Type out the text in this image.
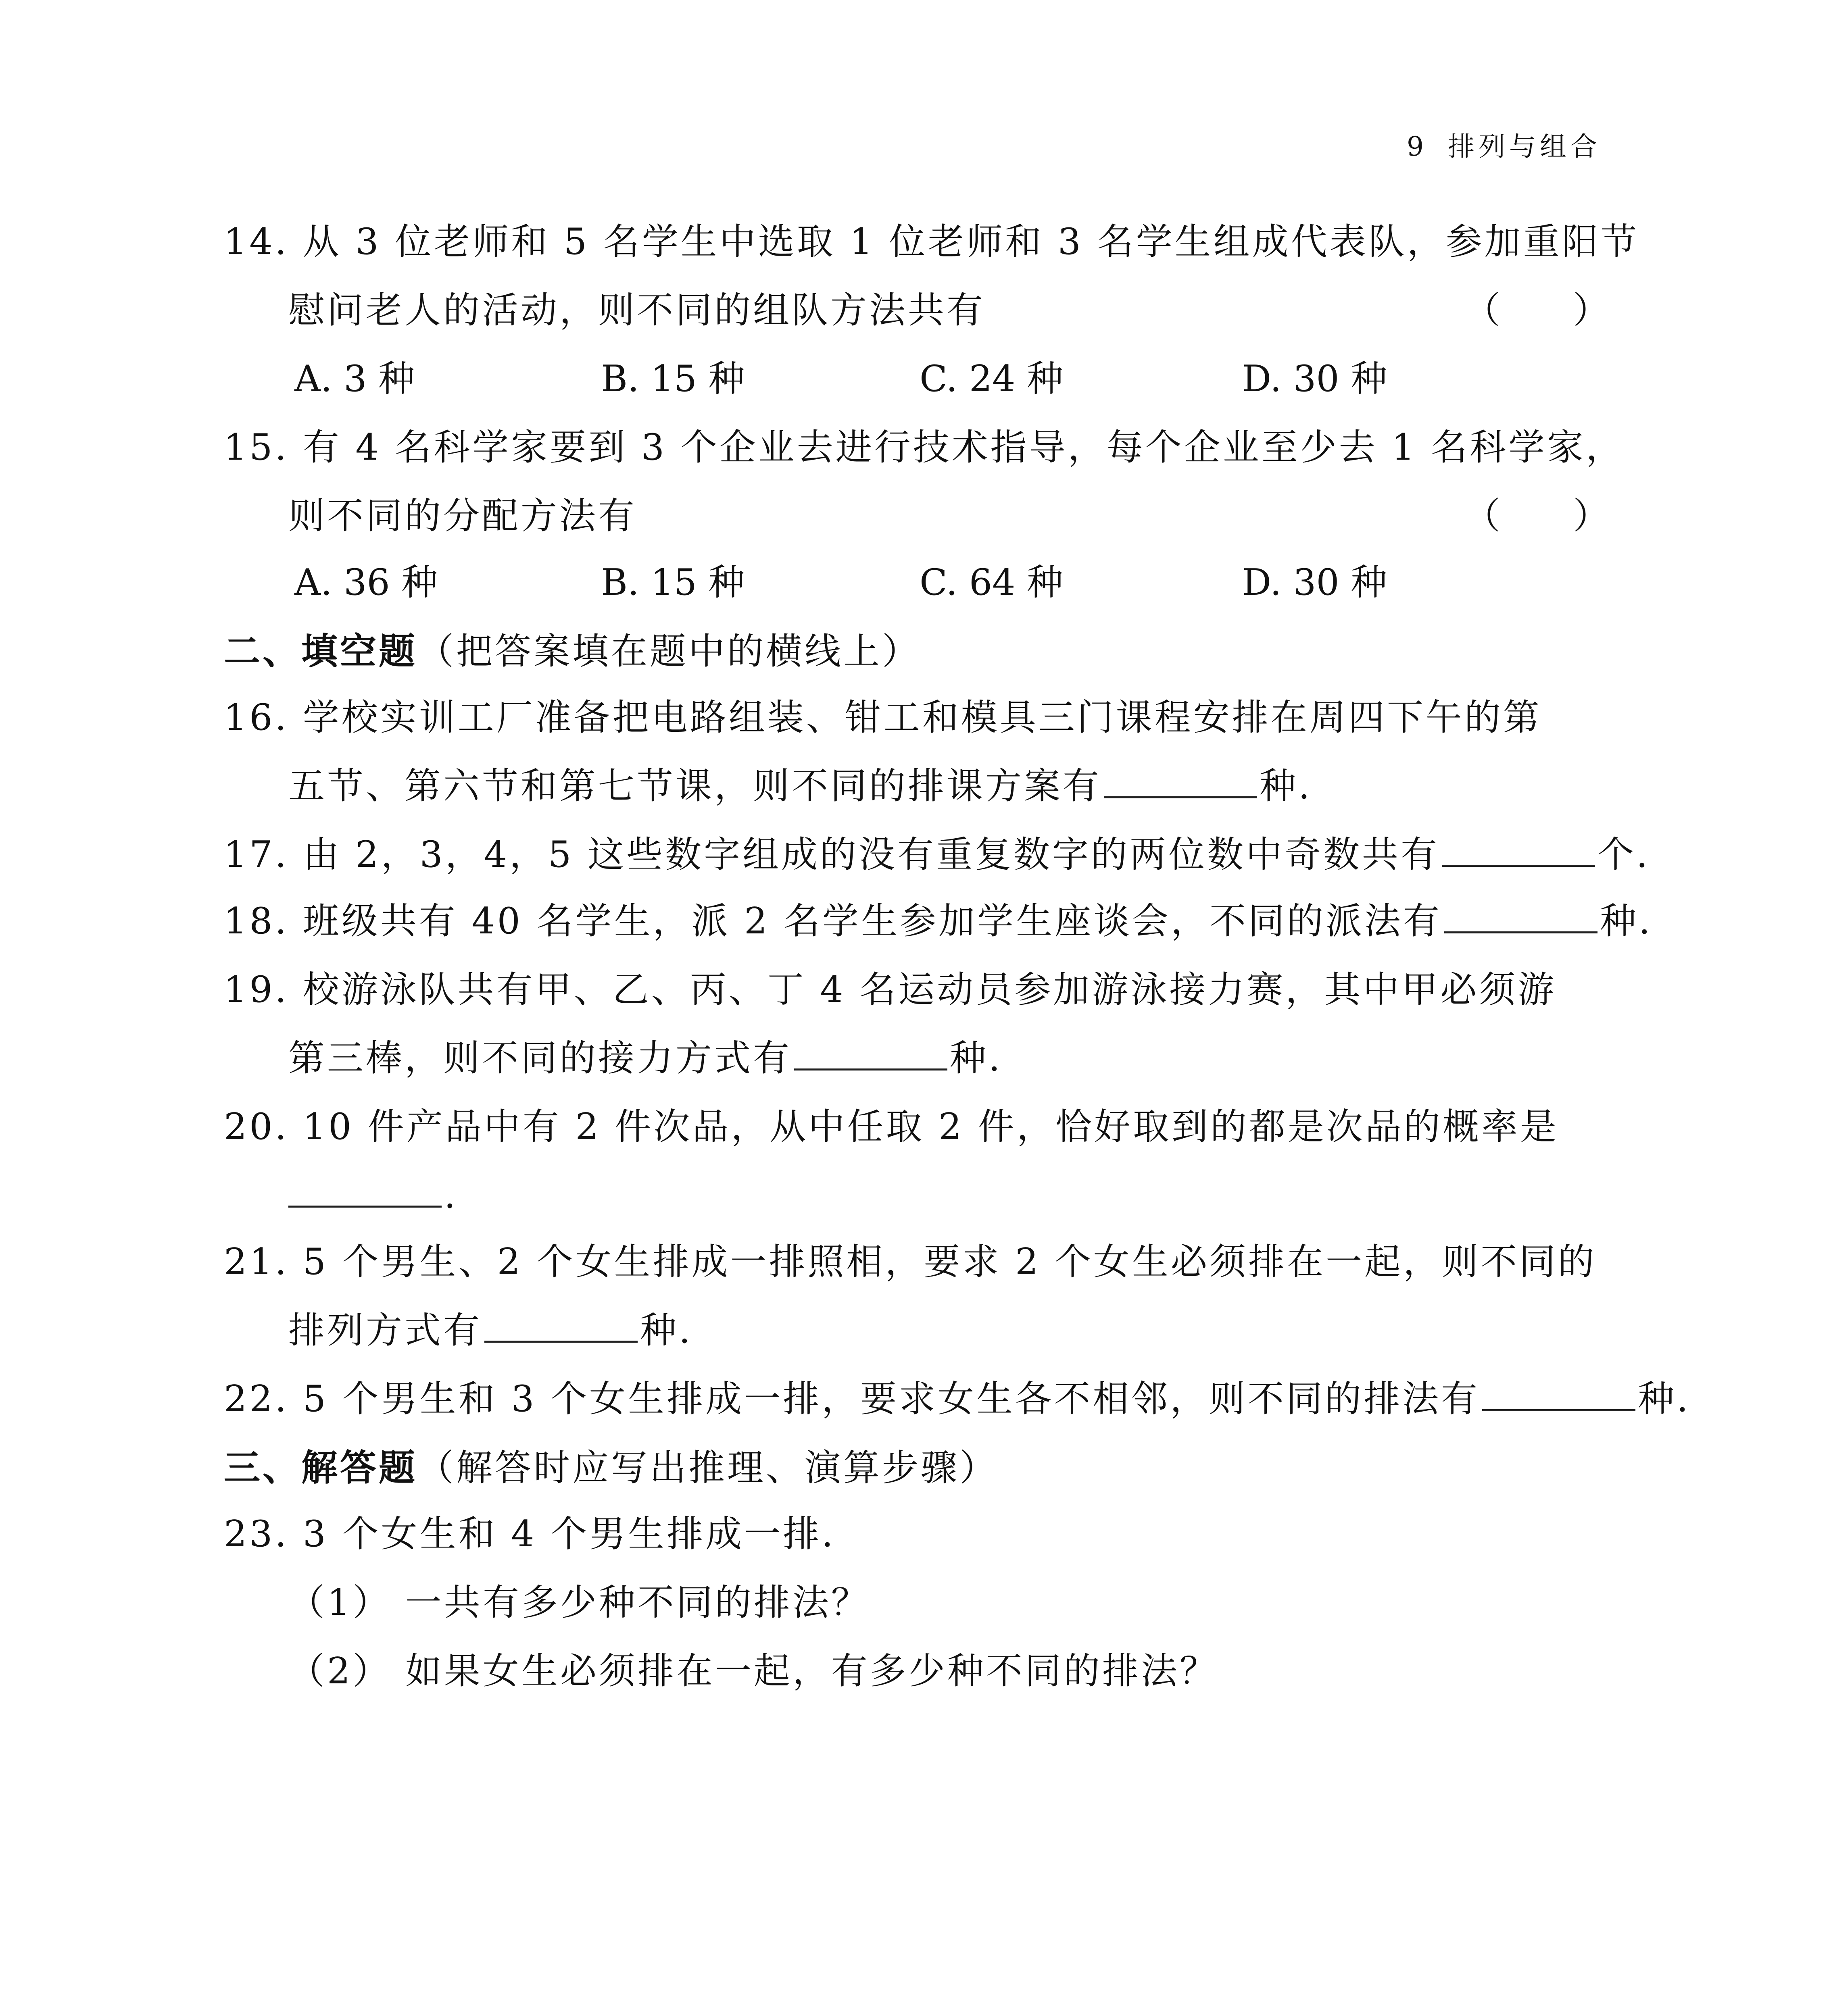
9 排列与组合
14. 从 3 位老师和 5 名学生中选取 1 位老师和 3 名学生组成代表队，参加重阳节
慰问老人的活动，则不同的组队方法共有	（　　）
A. 3 种	B. 15 种	C. 24 种	D. 30 种
15. 有 4 名科学家要到 3 个企业去进行技术指导，每个企业至少去 1 名科学家，
则不同的分配方法有	（　　）
A. 36 种	B. 15 种	C. 64 种	D. 30 种
二、填空题（把答案填在题中的横线上）
16. 学校实训工厂准备把电路组装、钳工和模具三门课程安排在周四下午的第
五节、第六节和第七节课，则不同的排课方案有	种.
17. 由 2，3，4，5 这些数字组成的没有重复数字的两位数中奇数共有	个.
18. 班级共有 40 名学生，派 2 名学生参加学生座谈会，不同的派法有	种.
19. 校游泳队共有甲、乙、丙、丁 4 名运动员参加游泳接力赛，其中甲必须游
第三棒，则不同的接力方式有	种.
20. 10 件产品中有 2 件次品，从中任取 2 件，恰好取到的都是次品的概率是
.
21. 5 个男生、2 个女生排成一排照相，要求 2 个女生必须排在一起，则不同的
排列方式有	种.
22. 5 个男生和 3 个女生排成一排，要求女生各不相邻，则不同的排法有	种.
三、解答题（解答时应写出推理、演算步骤）
23. 3 个女生和 4 个男生排成一排.
（1） 一共有多少种不同的排法？
（2） 如果女生必须排在一起，有多少种不同的排法？
